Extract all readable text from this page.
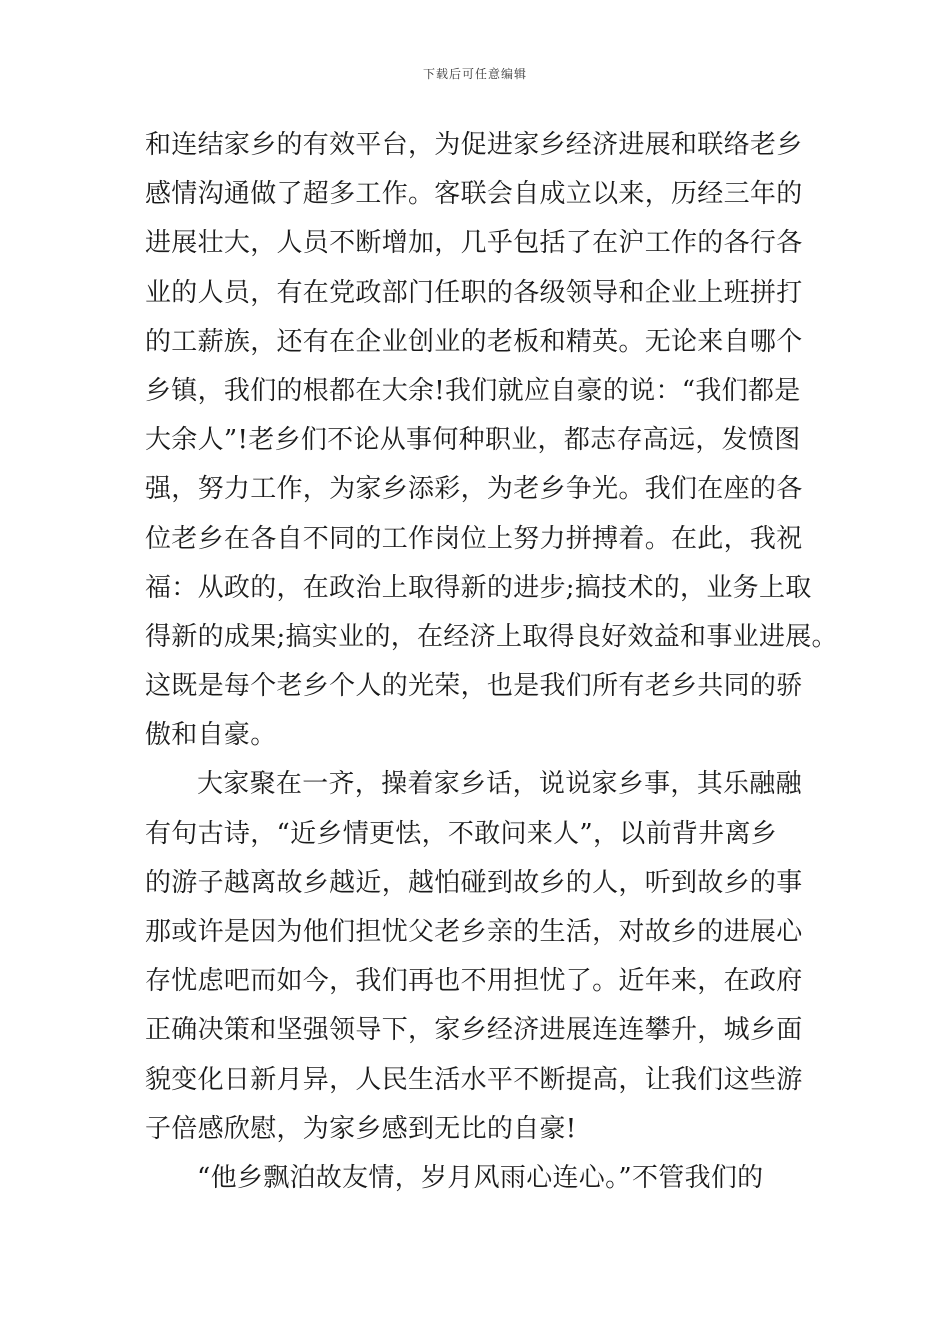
下载后可任意编辑
和连结家乡的有效平台，为促进家乡经济进展和联络老乡
感情沟通做了超多工作。客联会自成立以来，历经三年的
进展壮大，人员不断增加，几乎包括了在沪工作的各行各
业的人员，有在党政部门任职的各级领导和企业上班拼打
的工薪族，还有在企业创业的老板和精英。无论来自哪个
乡镇，我们的根都在大余!我们就应自豪的说：“我们都是
大余人”!老乡们不论从事何种职业，都志存高远，发愤图
强，努力工作，为家乡添彩，为老乡争光。我们在座的各
位老乡在各自不同的工作岗位上努力拼搏着。在此，我祝
福：从政的，在政治上取得新的进步;搞技术的，业务上取
得新的成果;搞实业的，在经济上取得良好效益和事业进展。
这既是每个老乡个人的光荣，也是我们所有老乡共同的骄
傲和自豪。
大家聚在一齐，操着家乡话，说说家乡事，其乐融融
有句古诗，“近乡情更怯，不敢问来人”，以前背井离乡
的游子越离故乡越近，越怕碰到故乡的人，听到故乡的事
那或许是因为他们担忧父老乡亲的生活，对故乡的进展心
存忧虑吧而如今，我们再也不用担忧了。近年来，在政府
正确决策和坚强领导下，家乡经济进展连连攀升，城乡面
貌变化日新月异，人民生活水平不断提高，让我们这些游
子倍感欣慰，为家乡感到无比的自豪!
“他乡飘泊故友情，岁月风雨心连心。”不管我们的
